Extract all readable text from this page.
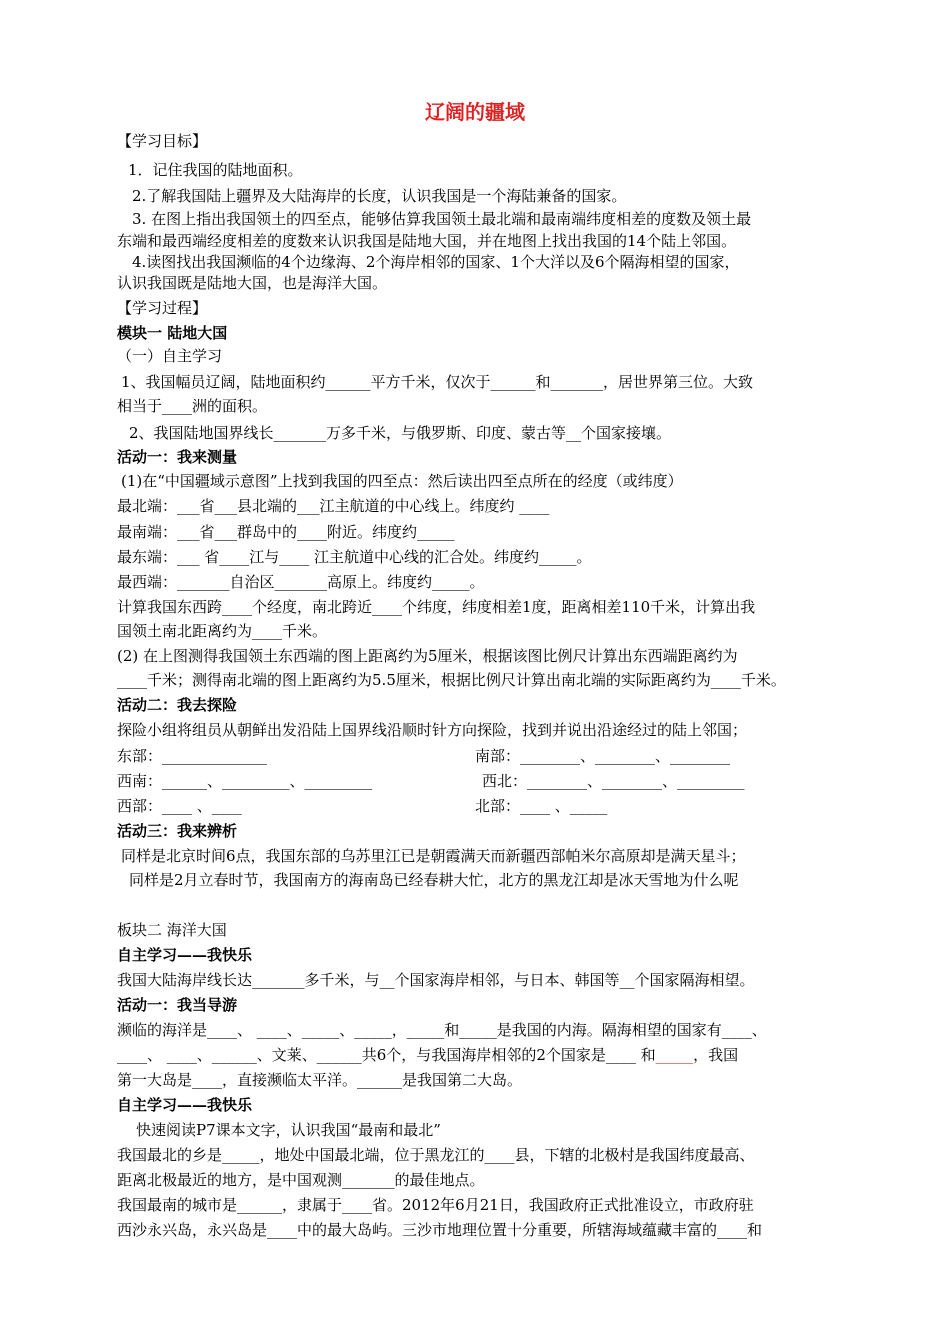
辽阔的疆域
【学习目标】
1．记住我国的陆地面积。
2.了解我国陆上疆界及大陆海岸的长度，认识我国是一个海陆兼备的国家。
3. 在图上指出我国领土的四至点，能够估算我国领土最北端和最南端纬度相差的度数及领土最
东端和最西端经度相差的度数来认识我国是陆地大国，并在地图上找出我国的14个陆上邻国。
4.读图找出我国濒临的4个边缘海、2个海岸相邻的国家、1个大洋以及6个隔海相望的国家，
认识我国既是陆地大国，也是海洋大国。
【学习过程】
模块一 陆地大国
（一）自主学习
1、我国幅员辽阔，陆地面积约______平方千米，仅次于______和_______，居世界第三位。大致
相当于____洲的面积。
2、我国陆地国界线长_______万多千米，与俄罗斯、印度、蒙古等__个国家接壤。
活动一：我来测量
(1)在“中国疆域示意图”上找到我国的四至点：然后读出四至点所在的经度（或纬度）
最北端：___省___县北端的___江主航道的中心线上。纬度约 ____
最南端：___省___群岛中的____附近。纬度约_____
最东端：___ 省____江与____ 江主航道中心线的汇合处。纬度约_____。
最西端：_______自治区_______高原上。纬度约_____。
计算我国东西跨____个经度，南北跨近____个纬度，纬度相差1度，距离相差110千米，计算出我
国领土南北距离约为____千米。
(2) 在上图测得我国领土东西端的图上距离约为5厘米，根据该图比例尺计算出东西端距离约为
____千米；测得南北端的图上距离约为5.5厘米，根据比例尺计算出南北端的实际距离约为____千米。
活动二：我去探险
探险小组将组员从朝鲜出发沿陆上国界线沿顺时针方向探险，找到并说出沿途经过的陆上邻国；
东部：______________	南部：________、________、________
西南：______、_________、_________	西北：________、________、_________
西部：____ 、____	北部：____ 、_____
活动三：我来辨析
同样是北京时间6点，我国东部的乌苏里江已是朝霞满天而新疆西部帕米尔高原却是满天星斗；
同样是2月立春时节，我国南方的海南岛已经春耕大忙，北方的黑龙江却是冰天雪地为什么呢
板块二 海洋大国
自主学习——我快乐
我国大陆海岸线长达_______多千米，与__个国家海岸相邻，与日本、韩国等__个国家隔海相望。
活动一：我当导游
濒临的海洋是____、 ____、_____、_____，_____和_____是我国的内海。隔海相望的国家有____、
____、 ____、______、文莱、______共6个，与我国海岸相邻的2个国家是____ 和_____，我国
第一大岛是____，直接濒临太平洋。______是我国第二大岛。
自主学习——我快乐
快速阅读P7课本文字，认识我国“最南和最北”
我国最北的乡是_____，地处中国最北端，位于黑龙江的____县，下辖的北极村是我国纬度最高、
距离北极最近的地方，是中国观测_______的最佳地点。
我国最南的城市是______，隶属于____省。2012年6月21日，我国政府正式批准设立，市政府驻
西沙永兴岛，永兴岛是____中的最大岛屿。三沙市地理位置十分重要，所辖海域蕴藏丰富的____和
